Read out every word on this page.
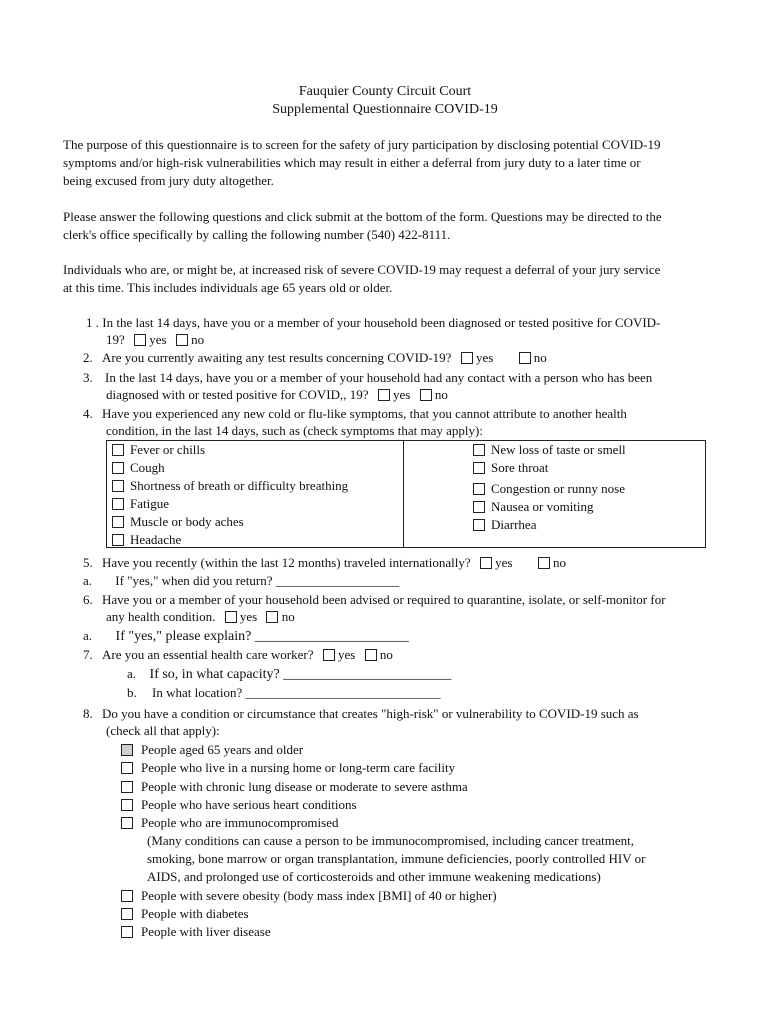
Fauquier County Circuit Court
Supplemental Questionnaire COVID-19
The purpose of this questionnaire is to screen for the safety of jury participation by disclosing potential COVID-19
symptoms and/or high-risk vulnerabilities which may result in either a deferral from jury duty to a later time or
being excused from jury duty altogether.
Please answer the following questions and click submit at the bottom of the form. Questions may be directed to the
clerk's office specifically by calling the following number (540) 422-8111.
Individuals who are, or might be, at increased risk of severe COVID-19 may request a deferral of your jury service
at this time. This includes individuals age 65 years old or older.
1 . In the last 14 days, have you or a member of your household been diagnosed or tested positive for COVID-
19? yes no
2. Are you currently awaiting any test results concerning COVID-19? yes	no
3. In the last 14 days, have you or a member of your household had any contact with a person who has been
diagnosed with or tested positive for COVID,, 19? yes no
4. Have you experienced any new cold or flu-like symptoms, that you cannot attribute to another health
condition, in the last 14 days, such as (check symptoms that may apply):
Fever or chills
Cough
Shortness of breath or difficulty breathing
Fatigue
Muscle or body aches
Headache
New loss of taste or smell
Sore throat
Congestion or runny nose
Nausea or vomiting
Diarrhea
5. Have you recently (within the last 12 months) traveled internationally? yes	no
a. If "yes," when did you return? ___________________
6. Have you or a member of your household been advised or required to quarantine, isolate, or self-monitor for
any health condition. yes no
a. If "yes," please explain? ______________________
7. Are you an essential health care worker? yes no
a. If so, in what capacity? ________________________
b. In what location? ______________________________
8. Do you have a condition or circumstance that creates "high-risk" or vulnerability to COVID-19 such as
(check all that apply):
People aged 65 years and older
People who live in a nursing home or long-term care facility
People with chronic lung disease or moderate to severe asthma
People who have serious heart conditions
People who are immunocompromised
(Many conditions can cause a person to be immunocompromised, including cancer treatment,
smoking, bone marrow or organ transplantation, immune deficiencies, poorly controlled HIV or
AIDS, and prolonged use of corticosteroids and other immune weakening medications)
People with severe obesity (body mass index [BMI] of 40 or higher)
People with diabetes
People with liver disease
